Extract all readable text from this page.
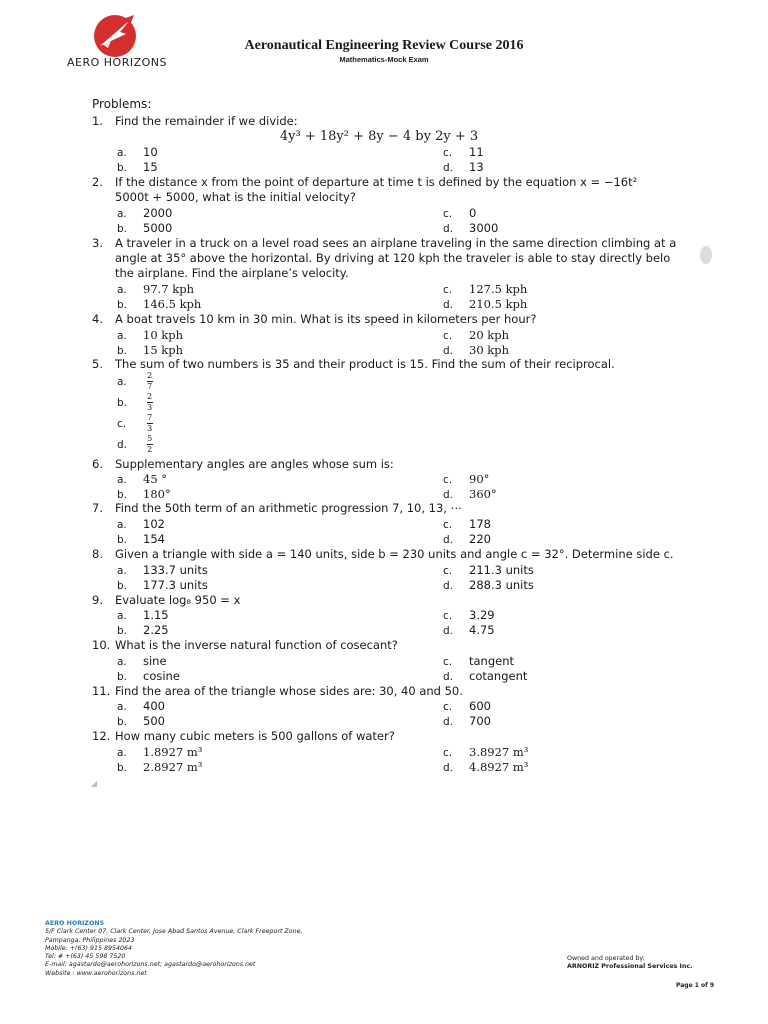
AERO HORIZONS
Aeronautical Engineering Review Course 2016
Mathematics-Mock Exam
Problems:
1. Find the remainder if we divide:
4y³ + 18y² + 8y − 4 by 2y + 3
a. 10	c. 11
b. 15	d. 13
2. If the distance x from the point of departure at time t is defined by the equation x = −16t²
5000t + 5000, what is the initial velocity?
a. 2000	c. 0
b. 5000	d. 3000
3. A traveler in a truck on a level road sees an airplane traveling in the same direction climbing at a
angle at 35° above the horizontal. By driving at 120 kph the traveler is able to stay directly belo
the airplane. Find the airplane’s velocity.
a. 97.7 kph	c. 127.5 kph
b. 146.5 kph	d. 210.5 kph
4. A boat travels 10 km in 30 min. What is its speed in kilometers per hour?
a. 10 kph	c. 20 kph
b. 15 kph	d. 30 kph
5. The sum of two numbers is 35 and their product is 15. Find the sum of their reciprocal.
a. $\frac{2}{7}$
b. $\frac{2}{3}$
c.	$\frac{7}{3}$
d. $\frac{5}{2}$
6. Supplementary angles are angles whose sum is:
a. 45 °	c. 90°
b. 180°	d. 360°
7. Find the 50th term of an arithmetic progression 7, 10, 13, ⋯
a. 102	c. 178
b. 154	d. 220
8. Given a triangle with side a = 140 units, side b = 230 units and angle c = 32°. Determine side c.
a. 133.7 units	c. 211.3 units
b. 177.3 units	d. 288.3 units
9. Evaluate log₈ 950 = x
a. 1.15	c. 3.29
b. 2.25	d. 4.75
10. What is the inverse natural function of cosecant?
a. sine	c. tangent
b. cosine	d. cotangent
11. Find the area of the triangle whose sides are: 30, 40 and 50.
a. 400	c. 600
b. 500	d. 700
12. How many cubic meters is 500 gallons of water?
a. 1.8927 m³	c. 3.8927 m³
b. 2.8927 m³	d. 4.8927 m³
◢
AERO HORIZONS
5/F Clark Center 07, Clark Center, Jose Abad Santos Avenue, Clark Freeport Zone,
Pampanga, Philippines 2023
Mobile: +(63) 915 8954064
Tel: # +(63) 45 598 7520
E-mail: agastardo@aerohorizons.net; agastardo@aerohorizons.net
Website : www.aerohorizons.net
Owned and operated by:
ARNORIZ Professional Services Inc.
Page 1 of 9
